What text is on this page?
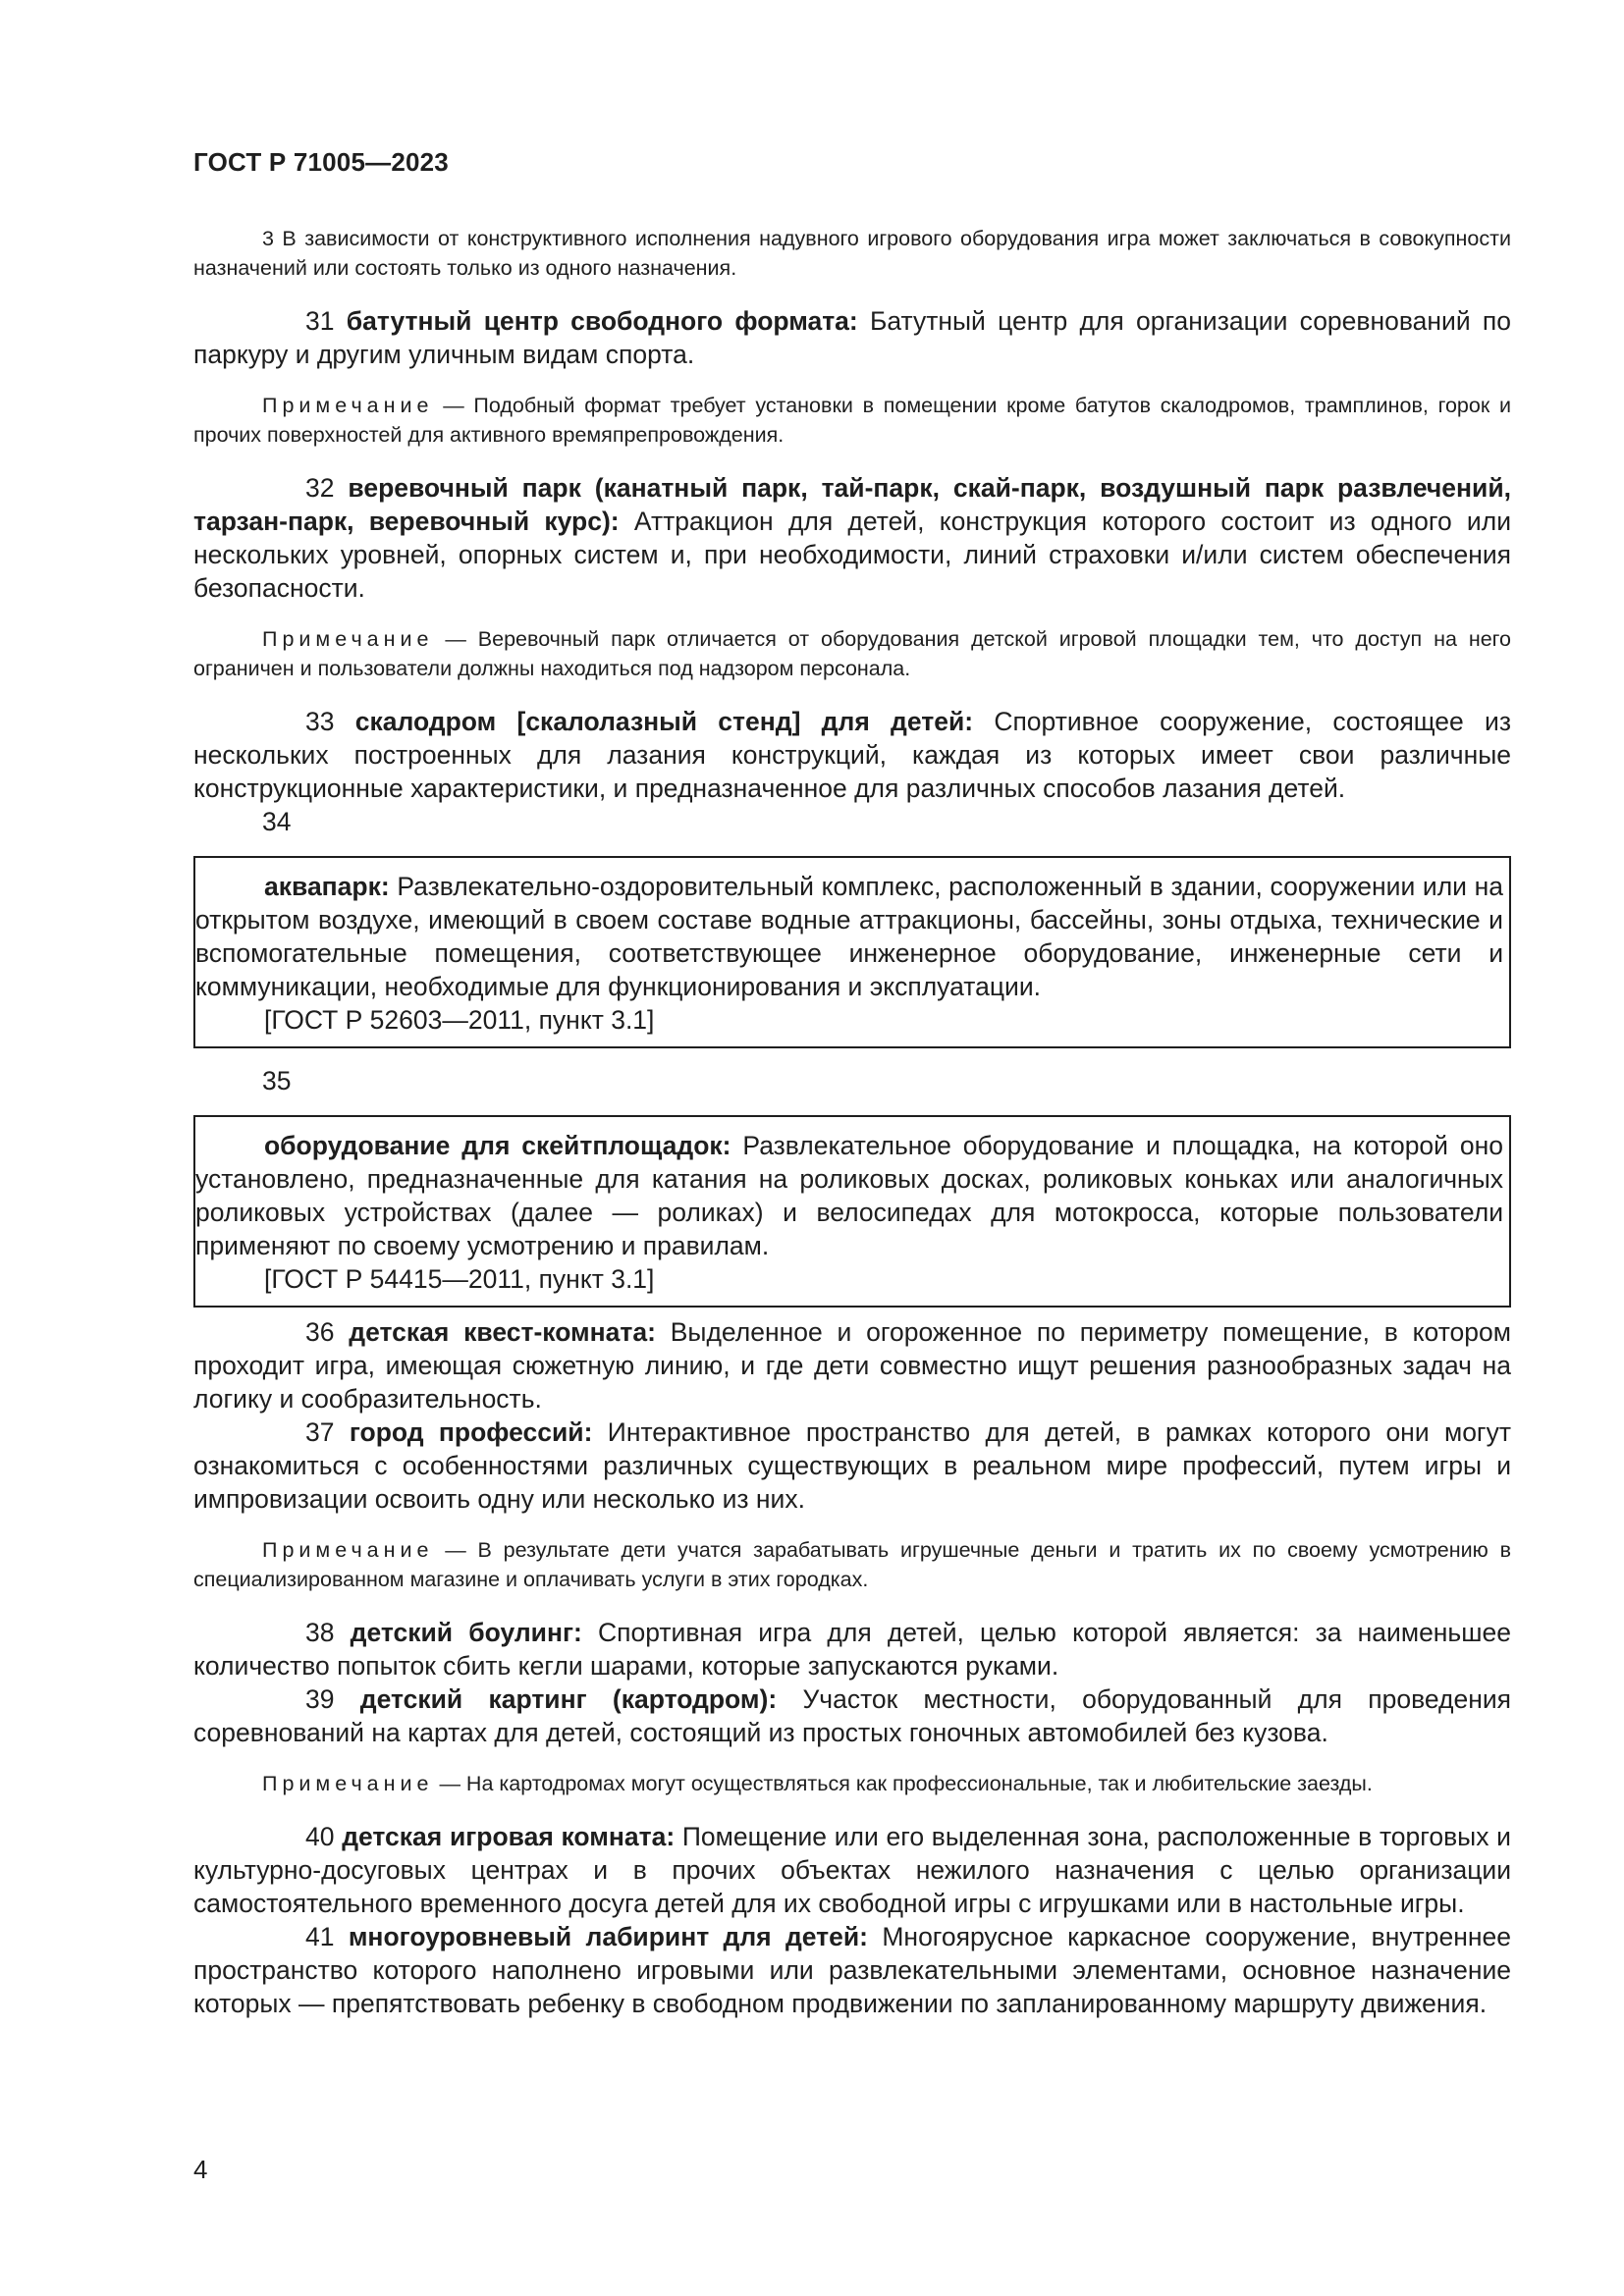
ГОСТ Р 71005—2023

3 В зависимости от конструктивного исполнения надувного игрового оборудования игра может заключаться в совокупности назначений или состоять только из одного назначения.

31 батутный центр свободного формата: Батутный центр для организации соревнований по паркуру и другим уличным видам спорта.

Примечание — Подобный формат требует установки в помещении кроме батутов скалодромов, трамплинов, горок и прочих поверхностей для активного времяпрепровождения.

32 веревочный парк (канатный парк, тай-парк, скай-парк, воздушный парк развлечений, тарзан-парк, веревочный курс): Аттракцион для детей, конструкция которого состоит из одного или нескольких уровней, опорных систем и, при необходимости, линий страховки и/или систем обеспечения безопасности.

Примечание — Веревочный парк отличается от оборудования детской игровой площадки тем, что доступ на него ограничен и пользователи должны находиться под надзором персонала.

33 скалодром [скалолазный стенд] для детей: Спортивное сооружение, состоящее из нескольких построенных для лазания конструкций, каждая из которых имеет свои различные конструкционные характеристики, и предназначенное для различных способов лазания детей.

34

аквапарк: Развлекательно-оздоровительный комплекс, расположенный в здании, сооружении или на открытом воздухе, имеющий в своем составе водные аттракционы, бассейны, зоны отдыха, технические и вспомогательные помещения, соответствующее инженерное оборудование, инженерные сети и коммуникации, необходимые для функционирования и эксплуатации.

[ГОСТ Р 52603—2011, пункт 3.1]

35

оборудование для скейтплощадок: Развлекательное оборудование и площадка, на которой оно установлено, предназначенные для катания на роликовых досках, роликовых коньках или аналогичных роликовых устройствах (далее — роликах) и велосипедах для мотокросса, которые пользователи применяют по своему усмотрению и правилам.

[ГОСТ Р 54415—2011, пункт 3.1]

36 детская квест-комната: Выделенное и огороженное по периметру помещение, в котором проходит игра, имеющая сюжетную линию, и где дети совместно ищут решения разнообразных задач на логику и сообразительность.

37 город профессий: Интерактивное пространство для детей, в рамках которого они могут ознакомиться с особенностями различных существующих в реальном мире профессий, путем игры и импровизации освоить одну или несколько из них.

Примечание — В результате дети учатся зарабатывать игрушечные деньги и тратить их по своему усмотрению в специализированном магазине и оплачивать услуги в этих городках.

38 детский боулинг: Спортивная игра для детей, целью которой является: за наименьшее количество попыток сбить кегли шарами, которые запускаются руками.

39 детский картинг (картодром): Участок местности, оборудованный для проведения соревнований на картах для детей, состоящий из простых гоночных автомобилей без кузова.

Примечание — На картодромах могут осуществляться как профессиональные, так и любительские заезды.

40 детская игровая комната: Помещение или его выделенная зона, расположенные в торговых и культурно-досуговых центрах и в прочих объектах нежилого назначения с целью организации самостоятельного временного досуга детей для их свободной игры с игрушками или в настольные игры.

41 многоуровневый лабиринт для детей: Многоярусное каркасное сооружение, внутреннее пространство которого наполнено игровыми или развлекательными элементами, основное назначение которых — препятствовать ребенку в свободном продвижении по запланированному маршруту движения.

4
